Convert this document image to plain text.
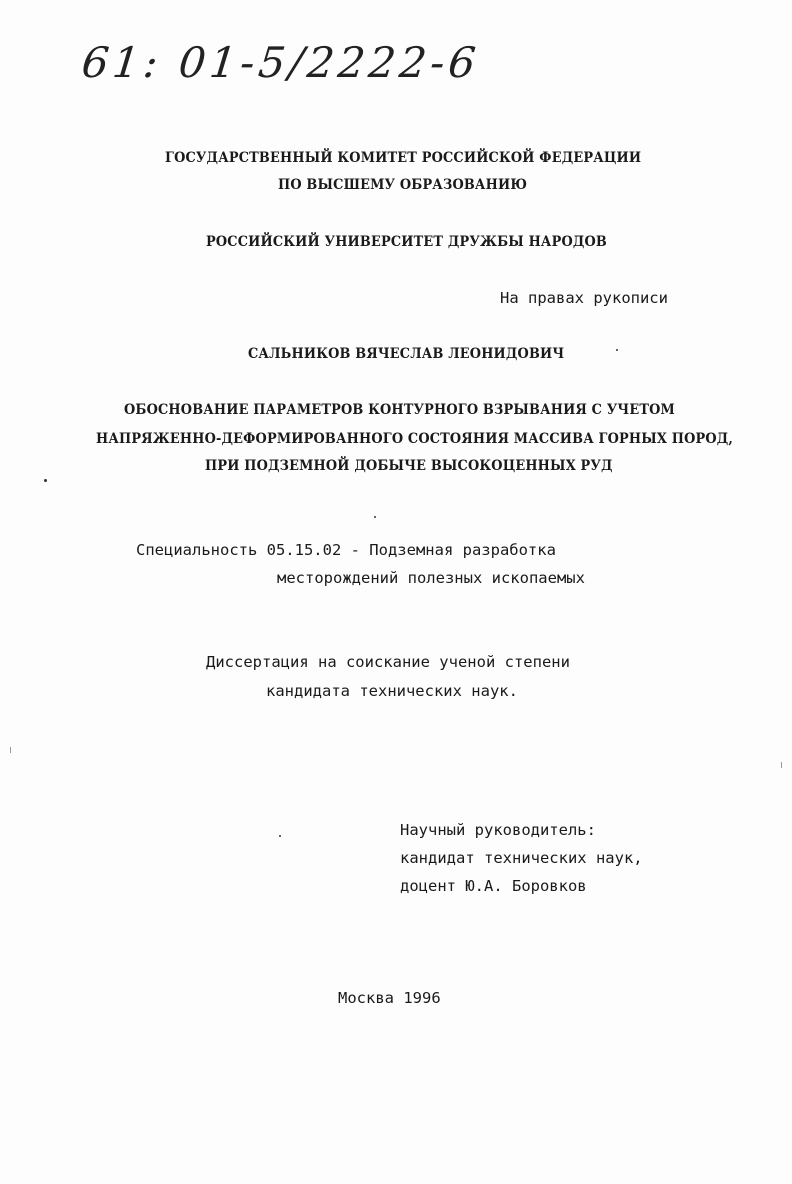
61: 01-5/2222-6
ГОСУДАРСТВЕННЫЙ КОМИТЕТ РОССИЙСКОЙ ФЕДЕРАЦИИ
ПО ВЫСШЕМУ ОБРАЗОВАНИЮ
РОССИЙСКИЙ УНИВЕРСИТЕТ ДРУЖБЫ НАРОДОВ
На правах рукописи
САЛЬНИКОВ ВЯЧЕСЛАВ ЛЕОНИДОВИЧ
ОБОСНОВАНИЕ ПАРАМЕТРОВ КОНТУРНОГО ВЗРЫВАНИЯ С УЧЕТОМ
НАПРЯЖЕННО-ДЕФОРМИРОВАННОГО СОСТОЯНИЯ МАССИВА ГОРНЫХ ПОРОД,
ПРИ ПОДЗЕМНОЙ ДОБЫЧЕ ВЫСОКОЦЕННЫХ РУД
Специальность 05.15.02 - Подземная разработка
месторождений полезных ископаемых
Диссертация на соискание ученой степени
кандидата технических наук.
Научный руководитель:
кандидат технических наук,
доцент Ю.А. Боровков
Москва 1996
